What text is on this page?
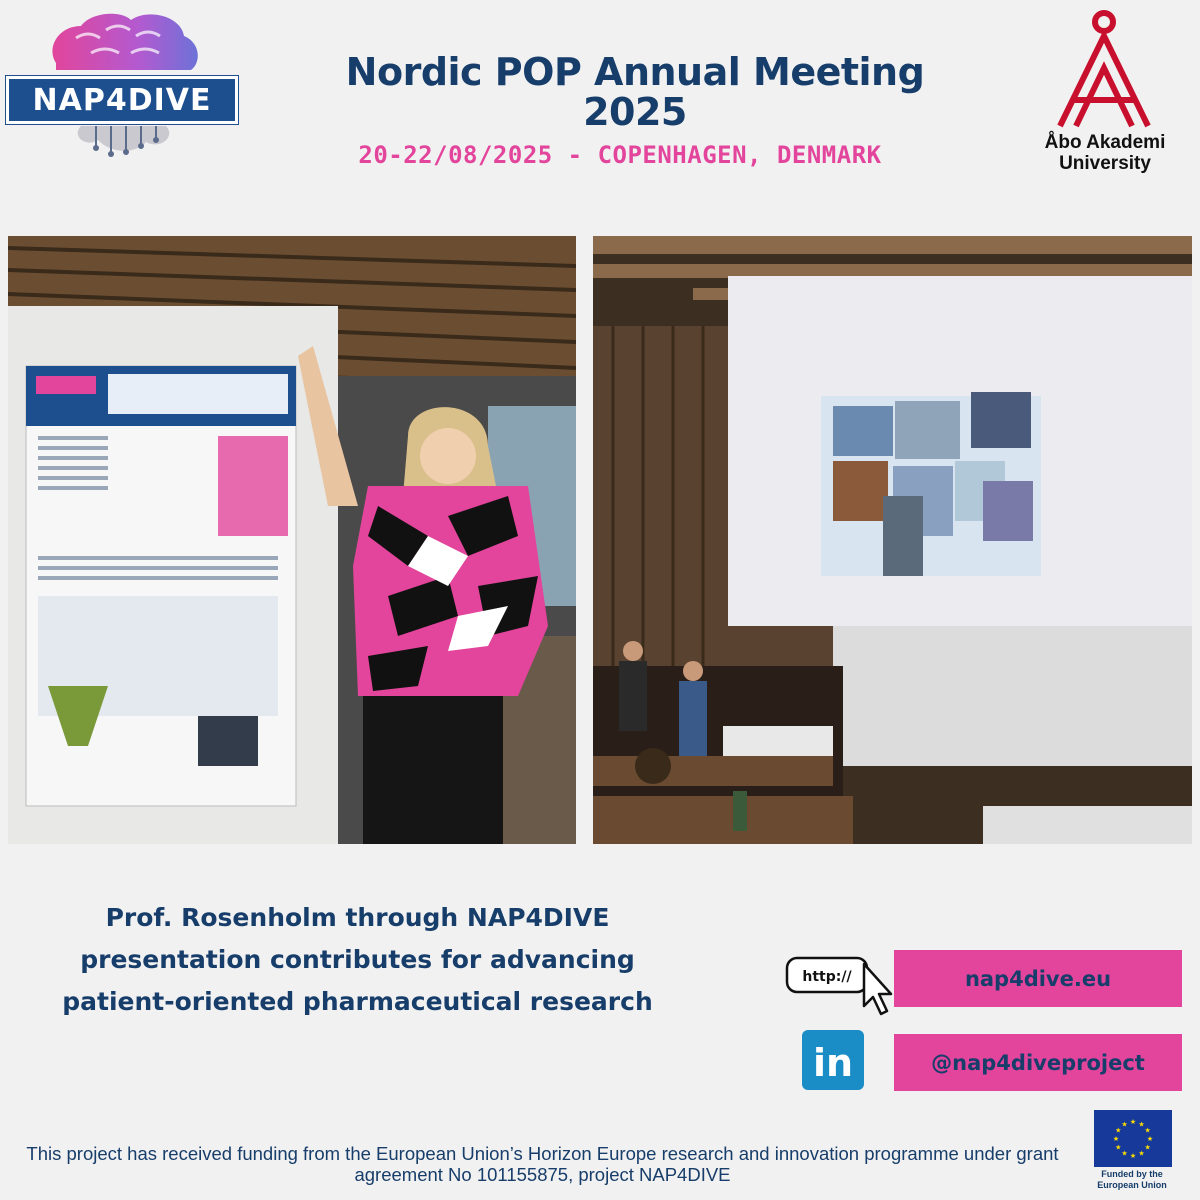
NAP4DIVE
Nordic POP Annual Meeting 2025
20-22/08/2025 - COPENHAGEN, DENMARK	Åbo Akademi University
Prof. Rosenholm through NAP4DIVE presentation contributes for advancing patient-oriented pharmaceutical research
http://	nap4dive.eu
in	@nap4diveproject
This project has received funding from the European Union’s Horizon Europe research and innovation programme under grant agreement No 101155875, project NAP4DIVE
★ ★
★
★
★
★
★
★
★
★
★
★
Funded by the European Union
